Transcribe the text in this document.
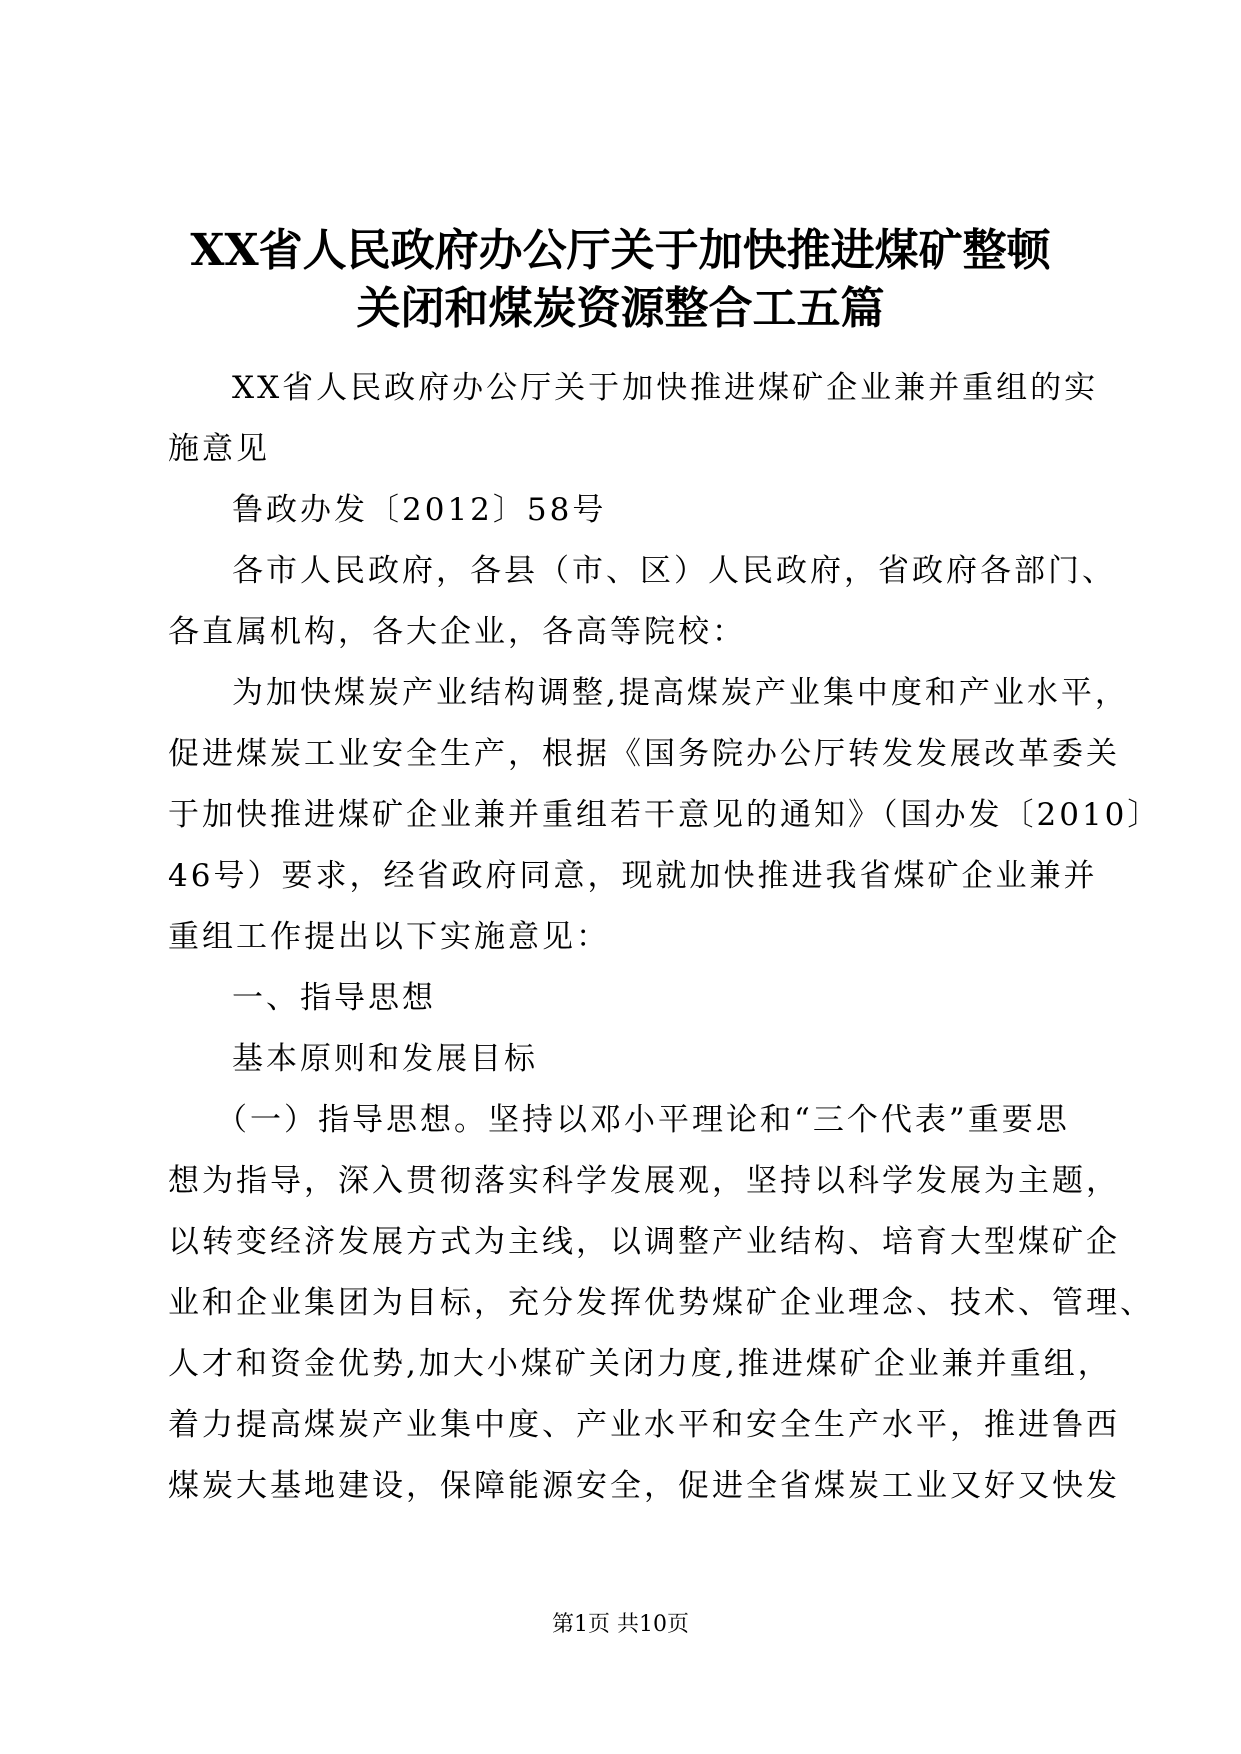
XX省人民政府办公厅关于加快推进煤矿整顿
关闭和煤炭资源整合工五篇

XX省人民政府办公厅关于加快推进煤矿企业兼并重组的实
施意见

鲁政办发〔2012〕58号

各市人民政府，各县（市、区）人民政府，省政府各部门、
各直属机构，各大企业，各高等院校：

为加快煤炭产业结构调整,提高煤炭产业集中度和产业水平，
促进煤炭工业安全生产，根据《国务院办公厅转发发展改革委关
于加快推进煤矿企业兼并重组若干意见的通知》（国办发〔2010〕
46号）要求，经省政府同意，现就加快推进我省煤矿企业兼并
重组工作提出以下实施意见：

一、指导思想

基本原则和发展目标

（一）指导思想。坚持以邓小平理论和“三个代表”重要思
想为指导，深入贯彻落实科学发展观，坚持以科学发展为主题，
以转变经济发展方式为主线，以调整产业结构、培育大型煤矿企
业和企业集团为目标，充分发挥优势煤矿企业理念、技术、管理、
人才和资金优势,加大小煤矿关闭力度,推进煤矿企业兼并重组，
着力提高煤炭产业集中度、产业水平和安全生产水平，推进鲁西
煤炭大基地建设，保障能源安全，促进全省煤炭工业又好又快发

第1页 共10页
